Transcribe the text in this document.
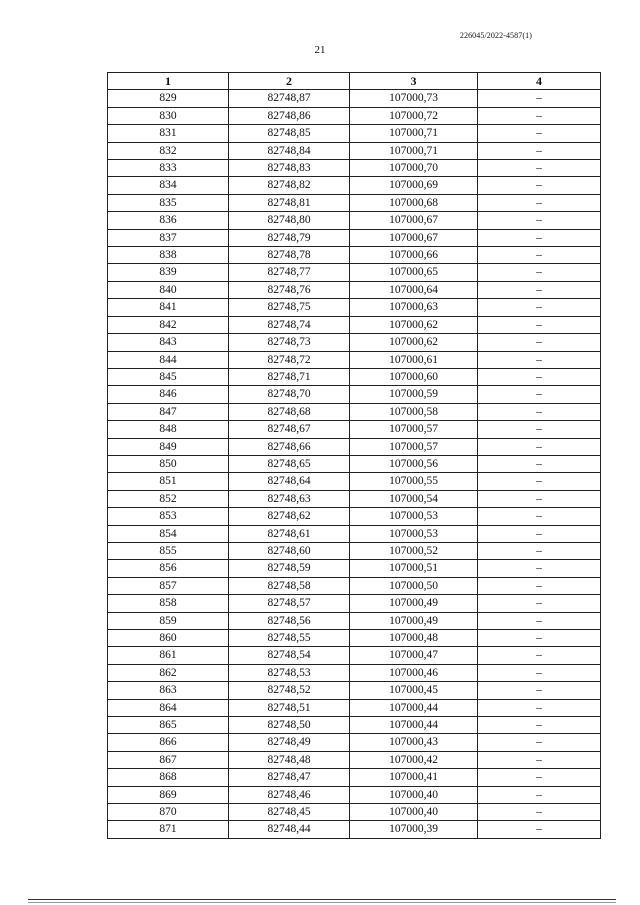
226045/2022-4587(1)
21
1	2	3	4
829	82748,87	107000,73	–
830	82748,86	107000,72	–
831	82748,85	107000,71	–
832	82748,84	107000,71	–
833	82748,83	107000,70	–
834	82748,82	107000,69	–
835	82748,81	107000,68	–
836	82748,80	107000,67	–
837	82748,79	107000,67	–
838	82748,78	107000,66	–
839	82748,77	107000,65	–
840	82748,76	107000,64	–
841	82748,75	107000,63	–
842	82748,74	107000,62	–
843	82748,73	107000,62	–
844	82748,72	107000,61	–
845	82748,71	107000,60	–
846	82748,70	107000,59	–
847	82748,68	107000,58	–
848	82748,67	107000,57	–
849	82748,66	107000,57	–
850	82748,65	107000,56	–
851	82748,64	107000,55	–
852	82748,63	107000,54	–
853	82748,62	107000,53	–
854	82748,61	107000,53	–
855	82748,60	107000,52	–
856	82748,59	107000,51	–
857	82748,58	107000,50	–
858	82748,57	107000,49	–
859	82748,56	107000,49	–
860	82748,55	107000,48	–
861	82748,54	107000,47	–
862	82748,53	107000,46	–
863	82748,52	107000,45	–
864	82748,51	107000,44	–
865	82748,50	107000,44	–
866	82748,49	107000,43	–
867	82748,48	107000,42	–
868	82748,47	107000,41	–
869	82748,46	107000,40	–
870	82748,45	107000,40	–
871	82748,44	107000,39	–
